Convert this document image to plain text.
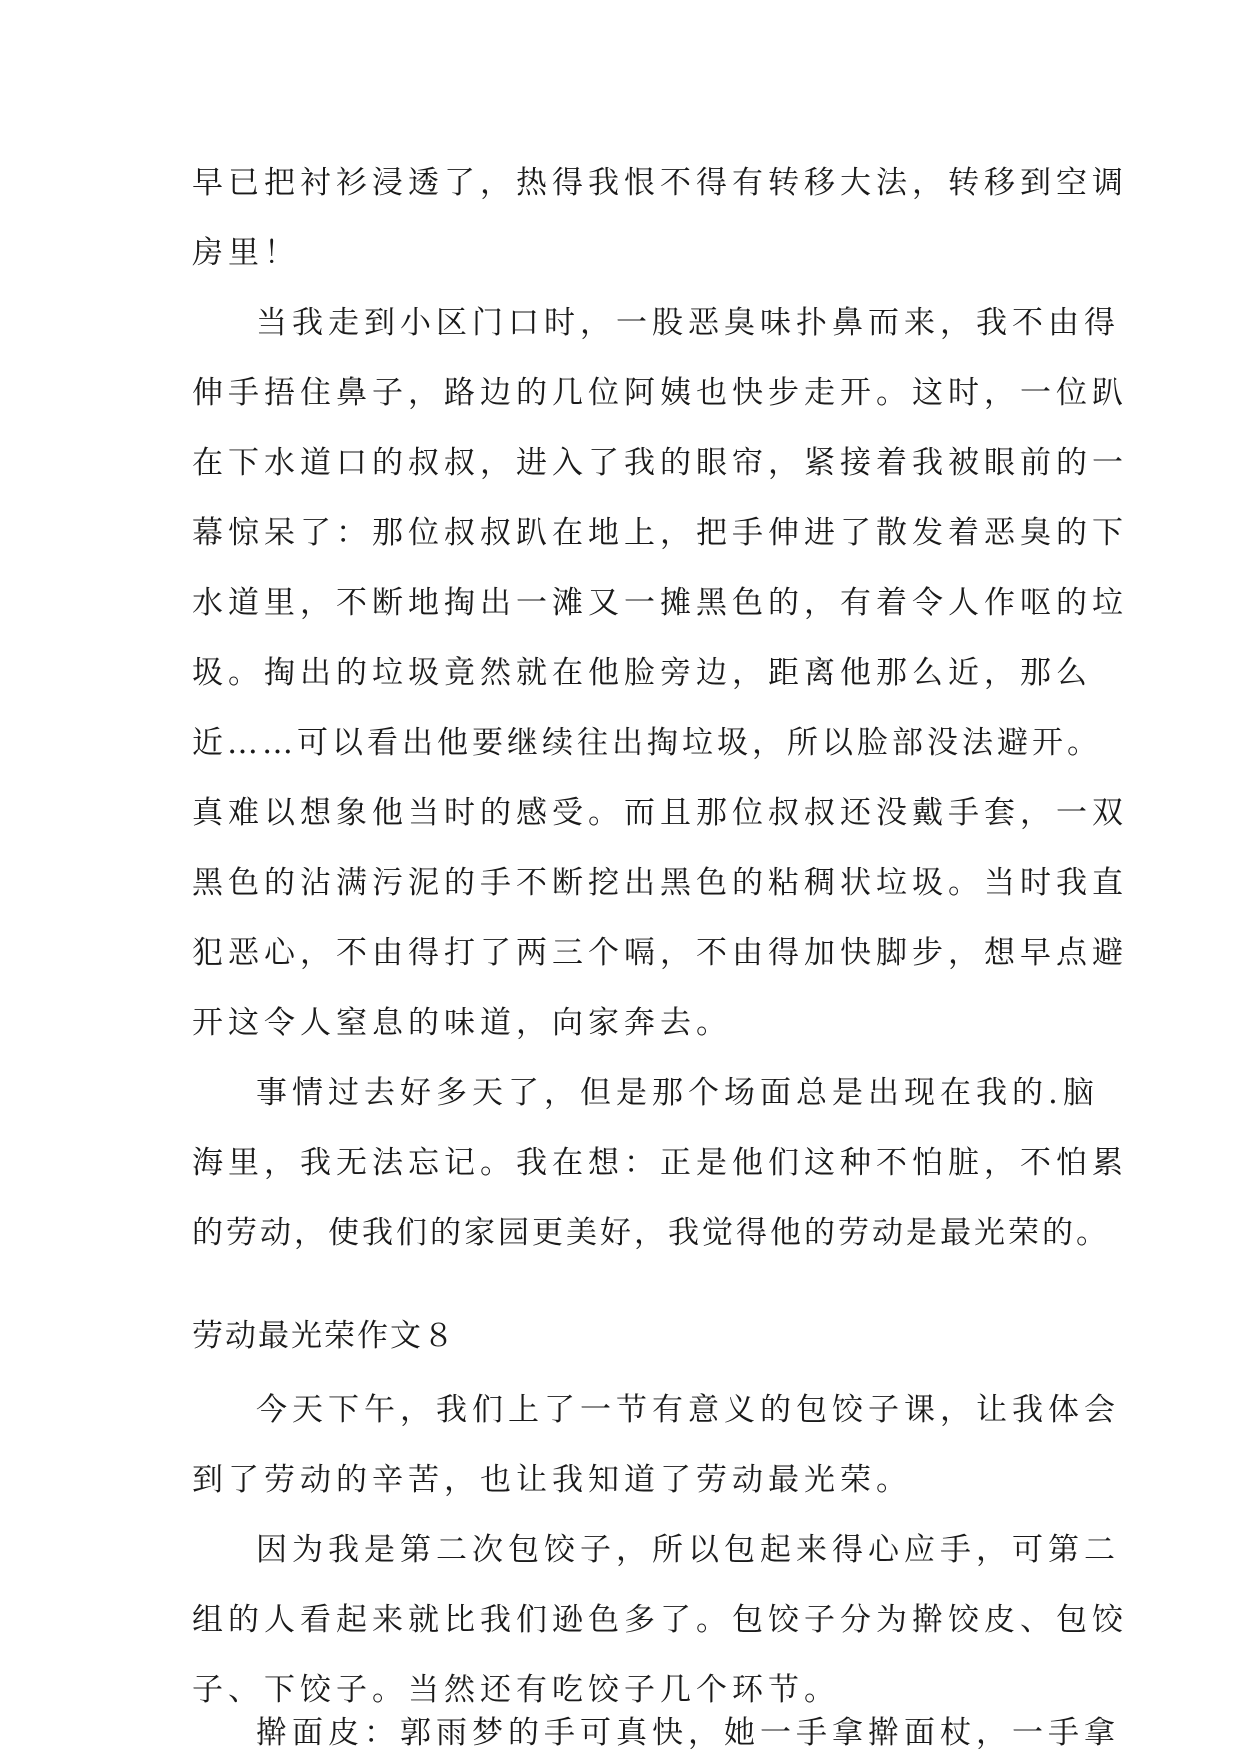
早已把衬衫浸透了，热得我恨不得有转移大法，转移到空调
房里！
当我走到小区门口时，一股恶臭味扑鼻而来，我不由得
伸手捂住鼻子，路边的几位阿姨也快步走开。这时，一位趴
在下水道口的叔叔，进入了我的眼帘，紧接着我被眼前的一
幕惊呆了：那位叔叔趴在地上，把手伸进了散发着恶臭的下
水道里，不断地掏出一滩又一摊黑色的，有着令人作呕的垃
圾。掏出的垃圾竟然就在他脸旁边，距离他那么近，那么
近……可以看出他要继续往出掏垃圾，所以脸部没法避开。
真难以想象他当时的感受。而且那位叔叔还没戴手套，一双
黑色的沾满污泥的手不断挖出黑色的粘稠状垃圾。当时我直
犯恶心，不由得打了两三个嗝，不由得加快脚步，想早点避
开这令人窒息的味道，向家奔去。
事情过去好多天了，但是那个场面总是出现在我的.脑
海里，我无法忘记。我在想：正是他们这种不怕脏，不怕累
的劳动，使我们的家园更美好，我觉得他的劳动是最光荣的。
劳动最光荣作文８
今天下午，我们上了一节有意义的包饺子课，让我体会
到了劳动的辛苦，也让我知道了劳动最光荣。
因为我是第二次包饺子，所以包起来得心应手，可第二
组的人看起来就比我们逊色多了。包饺子分为擀饺皮、包饺
子、下饺子。当然还有吃饺子几个环节。
擀面皮：郭雨梦的手可真快，她一手拿擀面杖，一手拿
